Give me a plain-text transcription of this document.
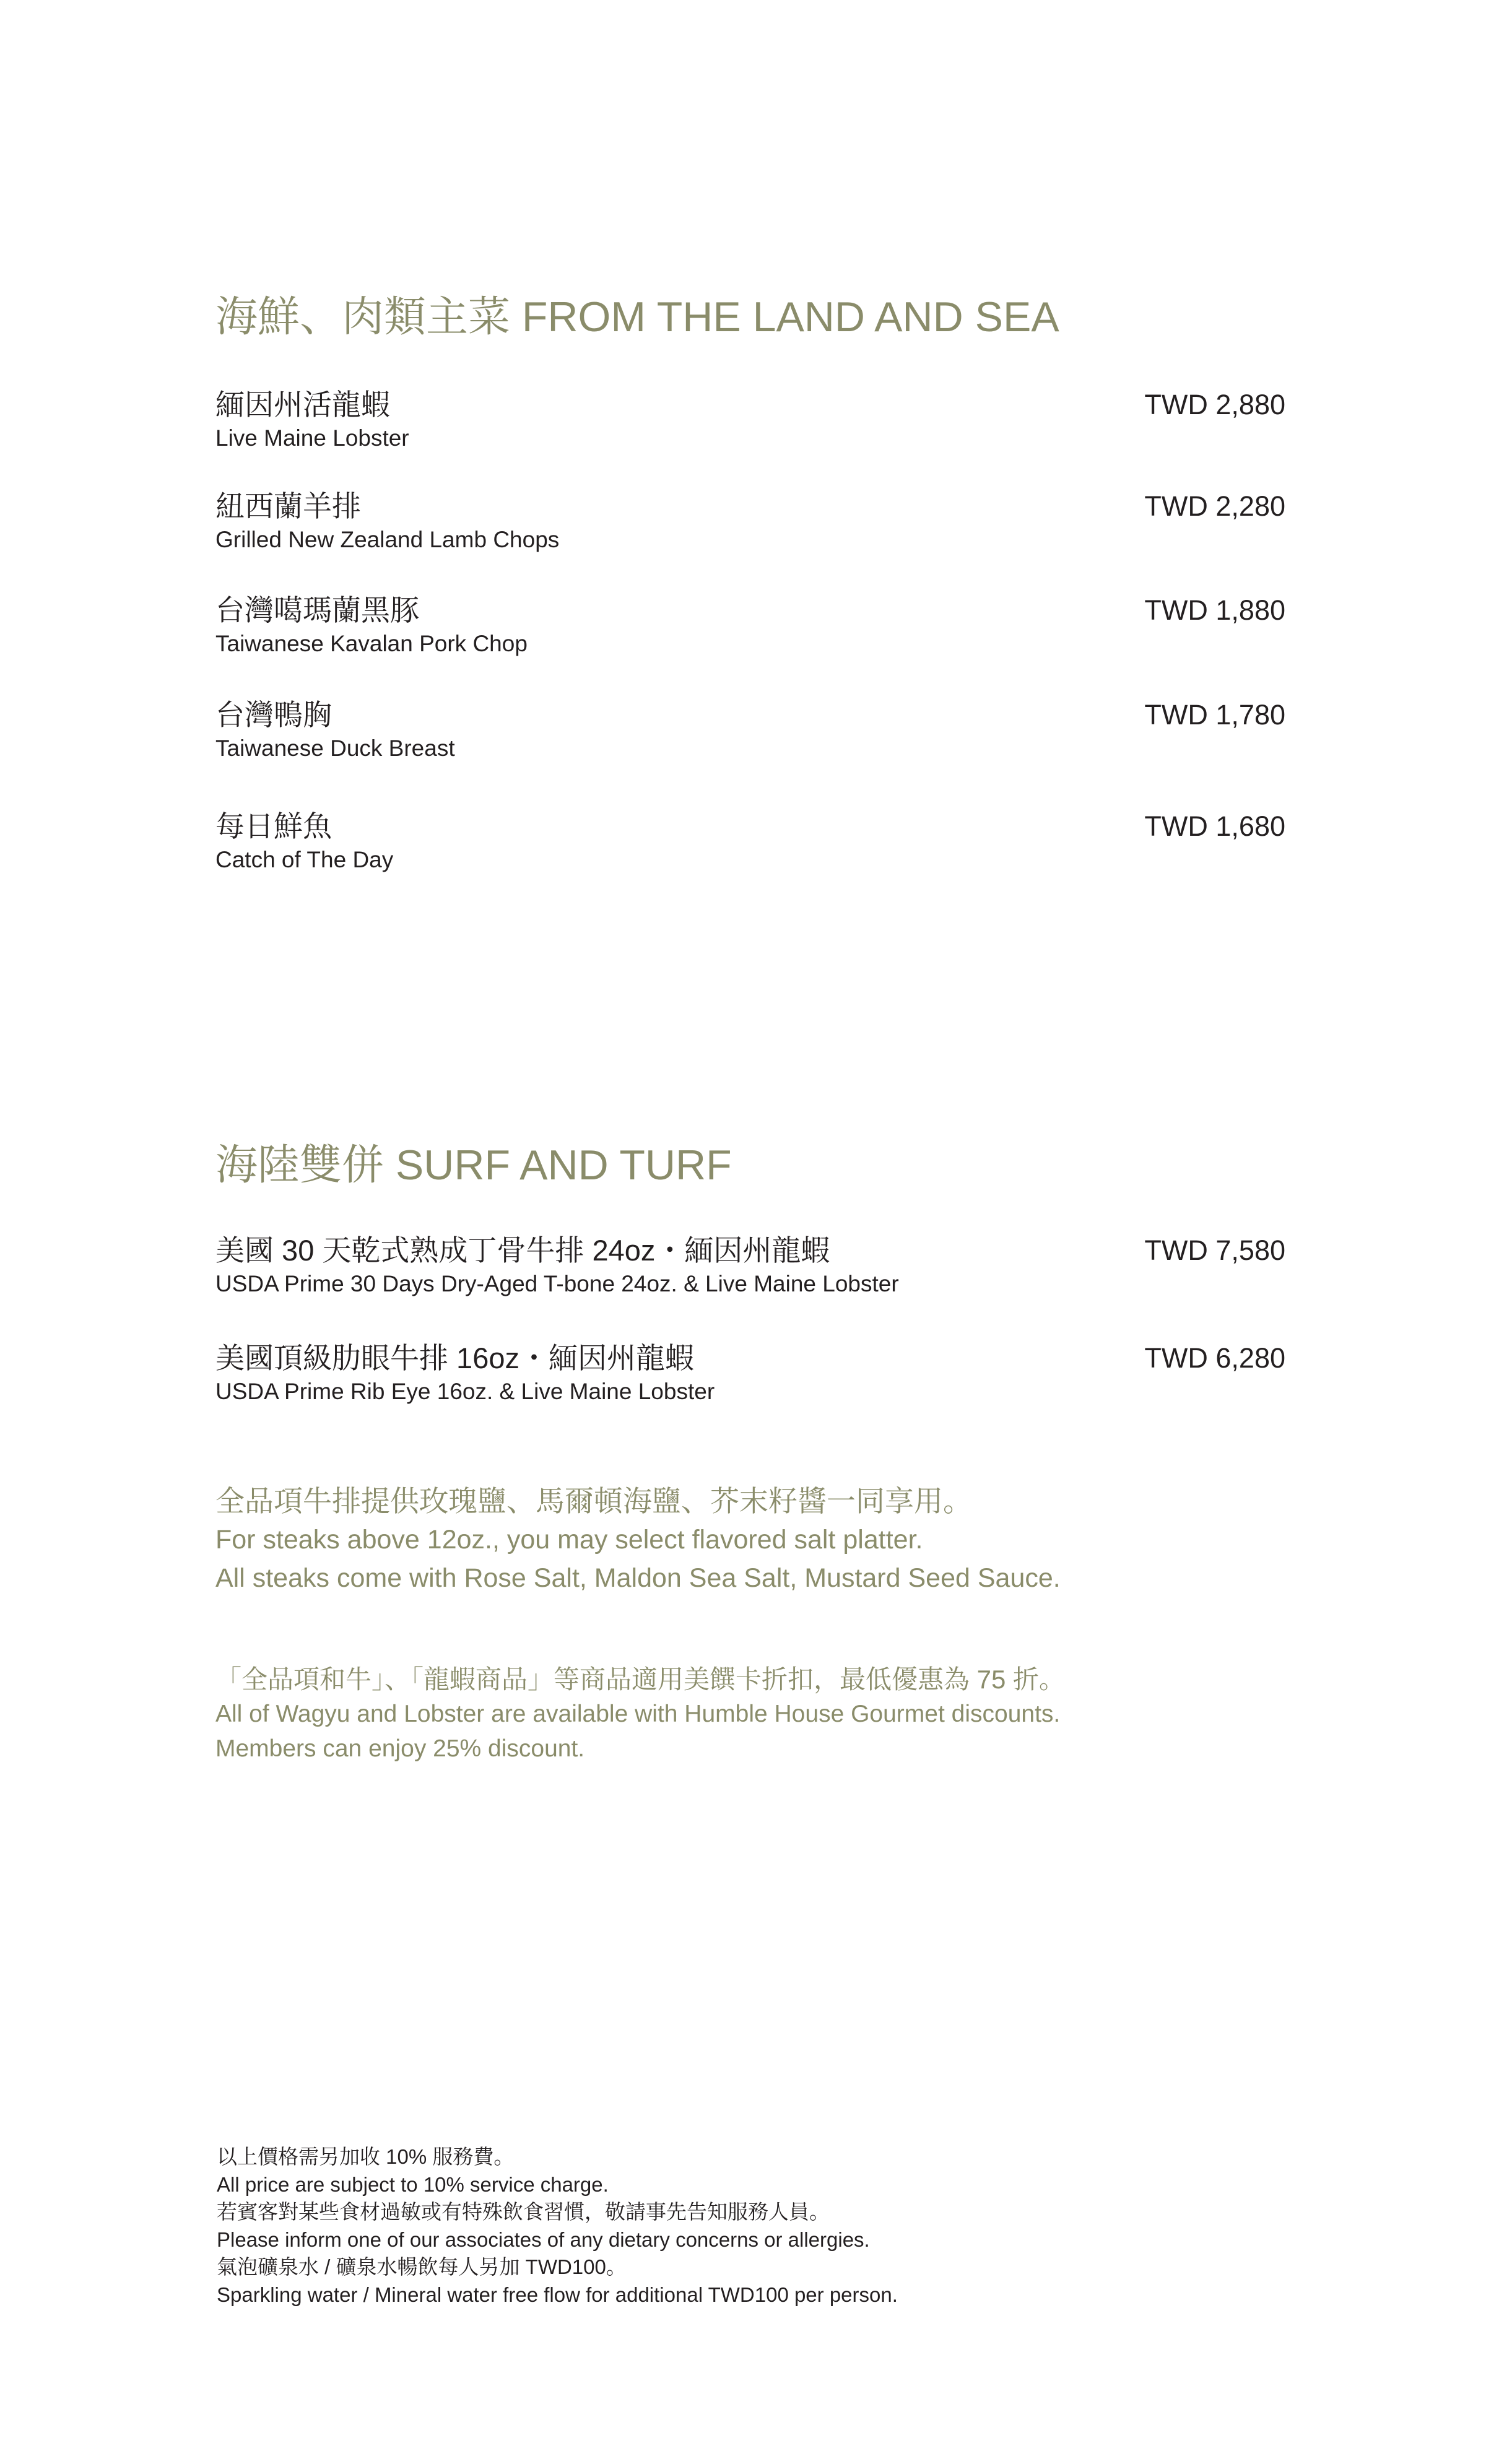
海鮮、肉類主菜 FROM THE LAND AND SEA
緬因州活龍蝦
Live Maine Lobster
TWD 2,880
紐西蘭羊排
Grilled New Zealand Lamb Chops
TWD 2,280
台灣噶瑪蘭黑豚
Taiwanese Kavalan Pork Chop
TWD 1,880
台灣鴨胸
Taiwanese Duck Breast
TWD 1,780
每日鮮魚
Catch of The Day
TWD 1,680
海陸雙併 SURF AND TURF
美國 30 天乾式熟成丁骨牛排 24oz・緬因州龍蝦
USDA Prime 30 Days Dry-Aged T-bone 24oz. & Live Maine Lobster
TWD 7,580
美國頂級肋眼牛排 16oz・緬因州龍蝦
USDA Prime Rib Eye 16oz. & Live Maine Lobster
TWD 6,280
全品項牛排提供玫瑰鹽、馬爾頓海鹽、芥末籽醬一同享用。
For steaks above 12oz., you may select flavored salt platter.
All steaks come with Rose Salt, Maldon Sea Salt, Mustard Seed Sauce.
「全品項和牛」、「龍蝦商品」等商品適用美饌卡折扣，最低優惠為 75 折。
All of Wagyu and Lobster are available with Humble House Gourmet discounts.
Members can enjoy 25% discount.
以上價格需另加收 10% 服務費。
All price are subject to 10% service charge.
若賓客對某些食材過敏或有特殊飲食習慣，敬請事先告知服務人員。
Please inform one of our associates of any dietary concerns or allergies.
氣泡礦泉水 / 礦泉水暢飲每人另加 TWD100。
Sparkling water / Mineral water free flow for additional TWD100 per person.
